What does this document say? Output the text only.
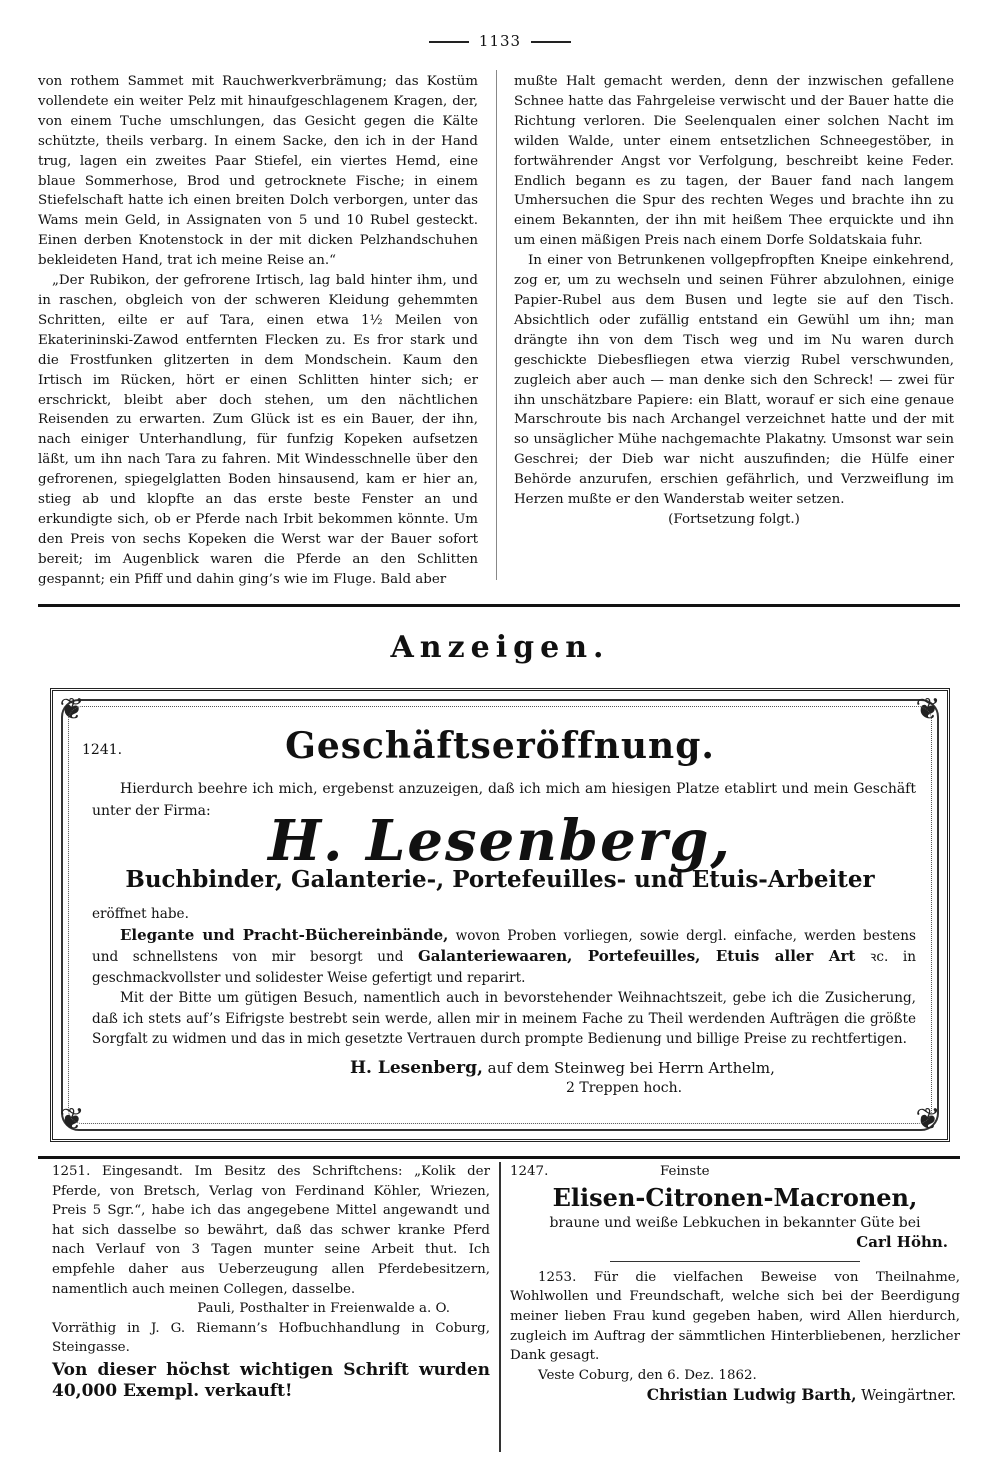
1133

von rothem Sammet mit Rauchwerkverbrämung; das Kostüm vollendete ein weiter Pelz mit hinaufgeschlagenem Kragen, der, von einem Tuche umschlungen, das Gesicht gegen die Kälte schützte, theils verbarg. In einem Sacke, den ich in der Hand trug, lagen ein zweites Paar Stiefel, ein viertes Hemd, eine blaue Sommerhose, Brod und getrocknete Fische; in einem Stiefelschaft hatte ich einen breiten Dolch verborgen, unter das Wams mein Geld, in Assignaten von 5 und 10 Rubel gesteckt. Einen derben Knotenstock in der mit dicken Pelzhandschuhen bekleideten Hand, trat ich meine Reise an.“

„Der Rubikon, der gefrorene Irtisch, lag bald hinter ihm, und in raschen, obgleich von der schweren Kleidung gehemmten Schritten, eilte er auf Tara, einen etwa 1½ Meilen von Ekaterininski-Zawod entfernten Flecken zu. Es fror stark und die Frostfunken glitzerten in dem Mondschein. Kaum den Irtisch im Rücken, hört er einen Schlitten hinter sich; er erschrickt, bleibt aber doch stehen, um den nächtlichen Reisenden zu erwarten. Zum Glück ist es ein Bauer, der ihn, nach einiger Unterhandlung, für funfzig Kopeken aufsetzen läßt, um ihn nach Tara zu fahren. Mit Windesschnelle über den gefrorenen, spiegelglatten Boden hinsausend, kam er hier an, stieg ab und klopfte an das erste beste Fenster an und erkundigte sich, ob er Pferde nach Irbit bekommen könnte. Um den Preis von sechs Kopeken die Werst war der Bauer sofort bereit; im Augenblick waren die Pferde an den Schlitten gespannt; ein Pfiff und dahin ging’s wie im Fluge. Bald aber

mußte Halt gemacht werden, denn der inzwischen gefallene Schnee hatte das Fahrgeleise verwischt und der Bauer hatte die Richtung verloren. Die Seelenqualen einer solchen Nacht im wilden Walde, unter einem entsetzlichen Schneegestöber, in fortwährender Angst vor Verfolgung, beschreibt keine Feder. Endlich begann es zu tagen, der Bauer fand nach langem Umhersuchen die Spur des rechten Weges und brachte ihn zu einem Bekannten, der ihn mit heißem Thee erquickte und ihn um einen mäßigen Preis nach einem Dorfe Soldatskaia fuhr.

In einer von Betrunkenen vollgepfropften Kneipe einkehrend, zog er, um zu wechseln und seinen Führer abzulohnen, einige Papier-Rubel aus dem Busen und legte sie auf den Tisch. Absichtlich oder zufällig entstand ein Gewühl um ihn; man drängte ihn von dem Tisch weg und im Nu waren durch geschickte Diebesfliegen etwa vierzig Rubel verschwunden, zugleich aber auch — man denke sich den Schreck! — zwei für ihn unschätzbare Papiere: ein Blatt, worauf er sich eine genaue Marschroute bis nach Archangel verzeichnet hatte und der mit so unsäglicher Mühe nachgemachte Plakatny. Umsonst war sein Geschrei; der Dieb war nicht auszufinden; die Hülfe einer Behörde anzurufen, erschien gefährlich, und Verzweiflung im Herzen mußte er den Wanderstab weiter setzen.

(Fortsetzung folgt.)

Anzeigen.
❦	❦
❦	❦
1241.	Geschäftseröffnung.
Hierdurch beehre ich mich, ergebenst anzuzeigen, daß ich mich am hiesigen Platze etablirt und mein Geschäft unter der Firma:	H. Lesenberg,
Buchbinder, Galanterie-, Portefeuilles- und Etuis-Arbeiter

eröffnet habe.

Elegante und Pracht-Büchereinbände, wovon Proben vorliegen, sowie dergl. einfache, werden bestens und schnellstens von mir besorgt und Galanteriewaaren, Portefeuilles, Etuis aller Art ꝛc. in geschmackvollster und solidester Weise gefertigt und reparirt.

Mit der Bitte um gütigen Besuch, namentlich auch in bevorstehender Weihnachtszeit, gebe ich die Zusicherung, daß ich stets auf’s Eifrigste bestrebt sein werde, allen mir in meinem Fache zu Theil werdenden Aufträgen die größte Sorgfalt zu widmen und das in mich gesetzte Vertrauen durch prompte Bedienung und billige Preise zu rechtfertigen.

H. Lesenberg, auf dem Steinweg bei Herrn Arthelm,
2 Treppen hoch.

1251. Eingesandt. Im Besitz des Schriftchens: „Kolik der Pferde, von Bretsch, Verlag von Ferdinand Köhler, Wriezen, Preis 5 Sgr.“, habe ich das angegebene Mittel angewandt und hat sich dasselbe so bewährt, daß das schwer kranke Pferd nach Verlauf von 3 Tagen munter seine Arbeit thut. Ich empfehle daher aus Ueberzeugung allen Pferdebesitzern, namentlich auch meinen Collegen, dasselbe.

Pauli, Posthalter in Freienwalde a. O.

Vorräthig in J. G. Riemann’s Hofbuchhandlung in Coburg, Steingasse.

Von dieser höchst wichtigen Schrift wurden 40,000 Exempl. verkauft!

1247.	Feinste

Elisen-Citronen-Macronen,

braune und weiße Lebkuchen in bekannter Güte bei

Carl Höhn.

1253. Für die vielfachen Beweise von Theilnahme, Wohlwollen und Freundschaft, welche sich bei der Beerdigung meiner lieben Frau kund gegeben haben, wird Allen hierdurch, zugleich im Auftrag der sämmtlichen Hinterbliebenen, herzlicher Dank gesagt.

Veste Coburg, den 6. Dez. 1862.

Christian Ludwig Barth, Weingärtner.
